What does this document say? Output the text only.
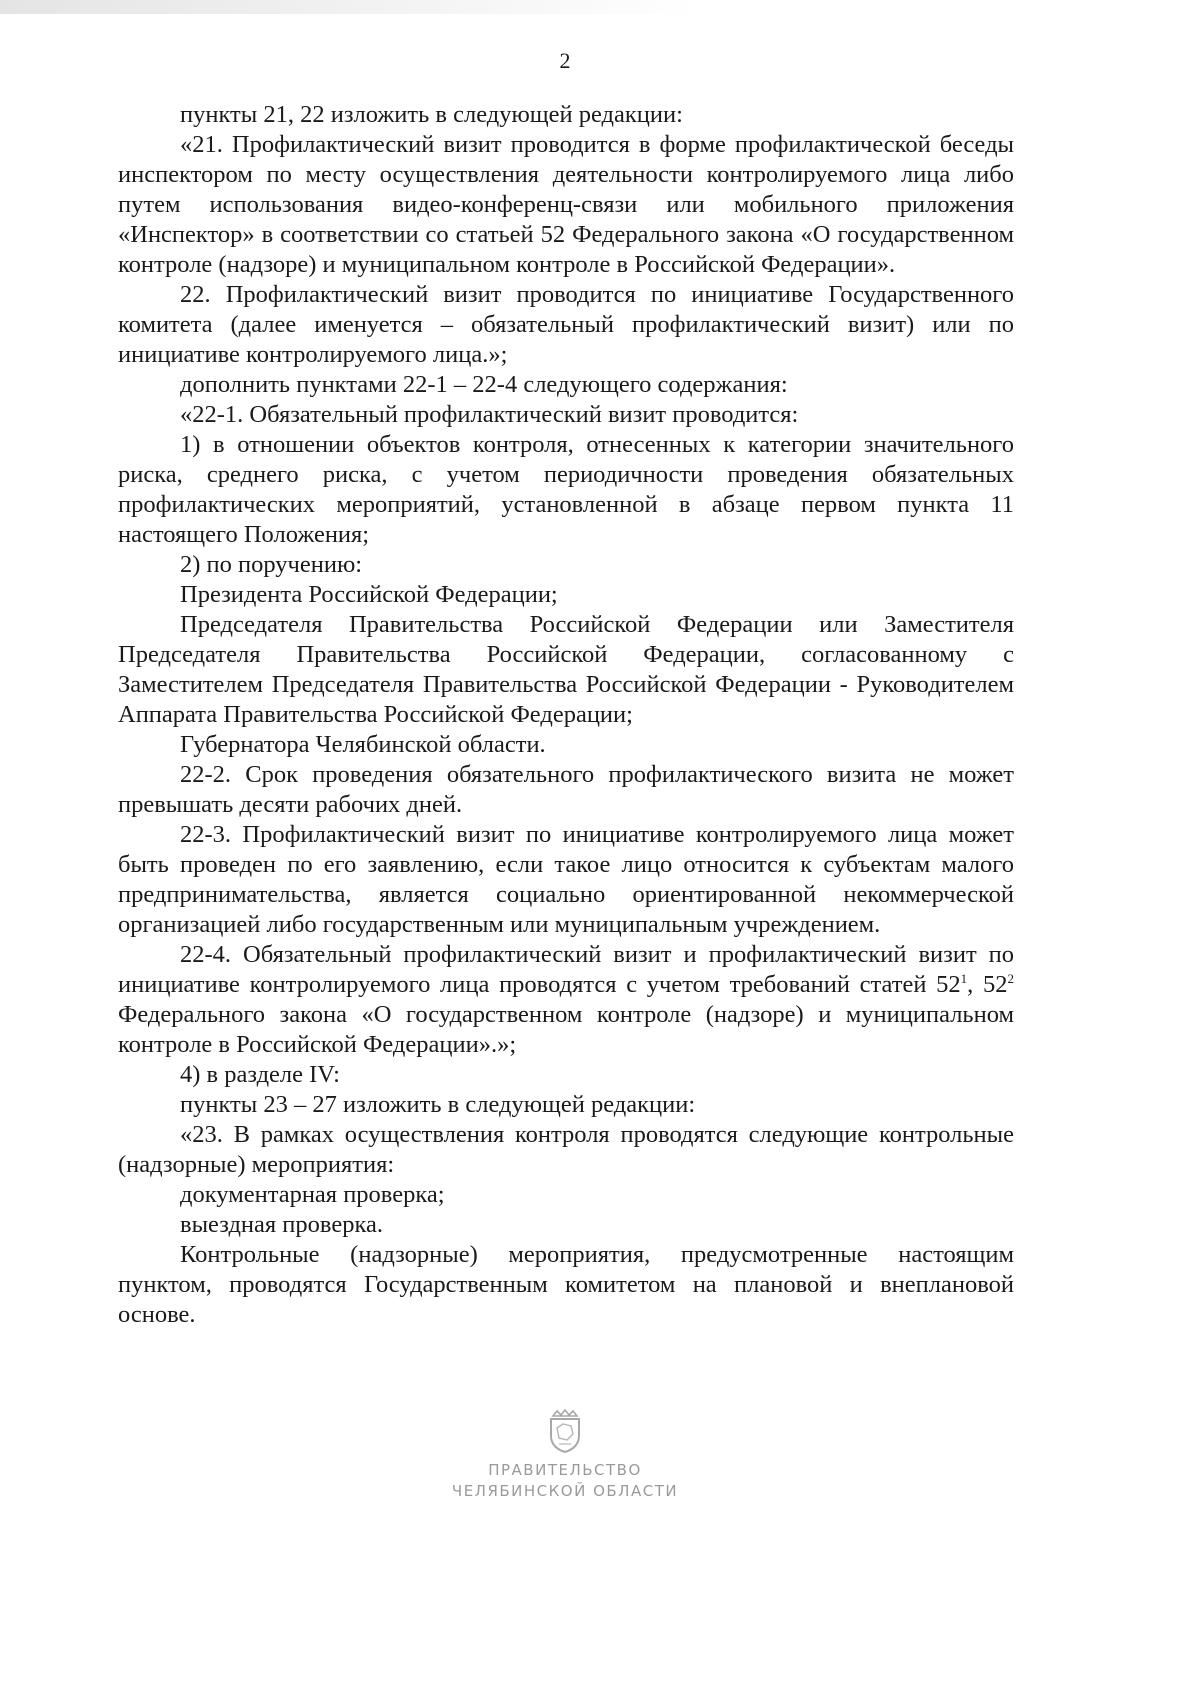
2

пункты 21, 22 изложить в следующей редакции:

«21. Профилактический визит проводится в форме профилактической беседы инспектором по месту осуществления деятельности контролируемого лица либо путем использования видео-конференц-связи или мобильного приложения «Инспектор» в соответствии со статьей 52 Федерального закона «О государственном контроле (надзоре) и муниципальном контроле в Российской Федерации».

22. Профилактический визит проводится по инициативе Государственного комитета (далее именуется – обязательный профилактический визит) или по инициативе контролируемого лица.»;

дополнить пунктами 22-1 – 22-4 следующего содержания:

«22-1. Обязательный профилактический визит проводится:

1) в отношении объектов контроля, отнесенных к категории значительного риска, среднего риска, с учетом периодичности проведения обязательных профилактических мероприятий, установленной в абзаце первом пункта 11 настоящего Положения;

2) по поручению:

Президента Российской Федерации;

Председателя Правительства Российской Федерации или Заместителя Председателя Правительства Российской Федерации, согласованному с Заместителем Председателя Правительства Российской Федерации - Руководителем Аппарата Правительства Российской Федерации;

Губернатора Челябинской области.

22-2. Срок проведения обязательного профилактического визита не может превышать десяти рабочих дней.

22-3. Профилактический визит по инициативе контролируемого лица может быть проведен по его заявлению, если такое лицо относится к субъектам малого предпринимательства, является социально ориентированной некоммерческой организацией либо государственным или муниципальным учреждением.

22-4. Обязательный профилактический визит и профилактический визит по инициативе контролируемого лица проводятся с учетом требований статей $52^1$, $52^2$ Федерального закона «О государственном контроле (надзоре) и муниципальном контроле в Российской Федерации».»;

4) в разделе IV:

пункты 23 – 27 изложить в следующей редакции:

«23. В рамках осуществления контроля проводятся следующие контрольные (надзорные) мероприятия:

документарная проверка;

выездная проверка.

Контрольные (надзорные) мероприятия, предусмотренные настоящим пунктом, проводятся Государственным комитетом на плановой и внеплановой основе.

ПРАВИТЕЛЬСТВО
ЧЕЛЯБИНСКОЙ ОБЛАСТИ
